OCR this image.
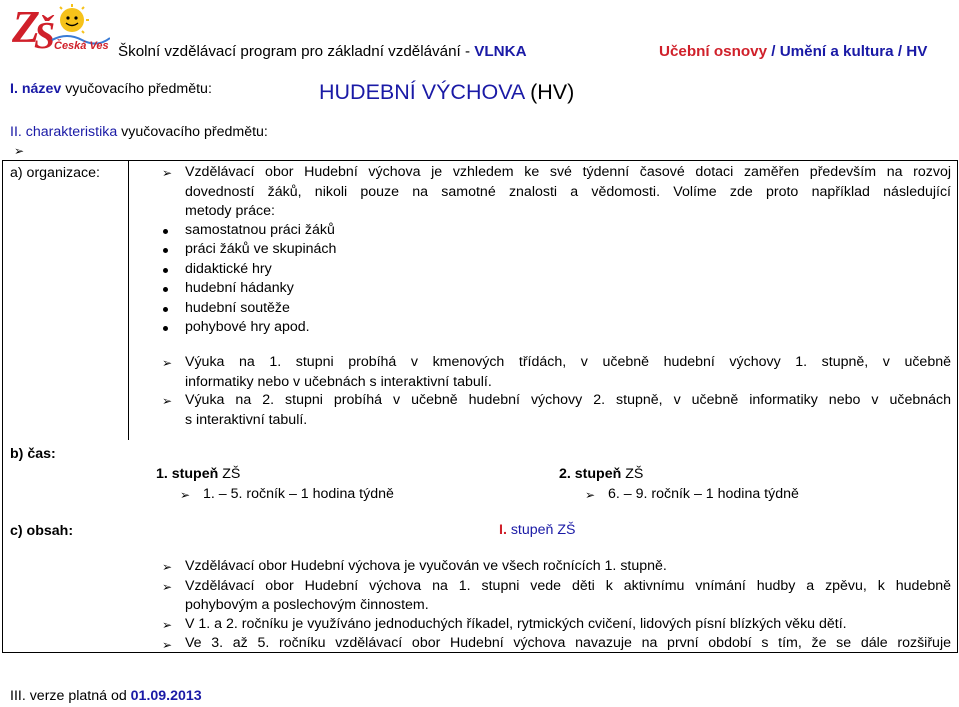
Z
Š
Česká Ves Školní vzdělávací program pro základní vzdělávání - VLNKA	Učební osnovy / Umění a kultura / HV
I. název vyučovacího předmětu:	HUDEBNÍ VÝCHOVA (HV)
II. charakteristika vyučovacího předmětu:
➢
a) organizace:
b) čas:
c) obsah:
➢ Vzdělávací obor Hudební výchova je vzhledem ke své týdenní časové dotaci zaměřen především na rozvoj
dovedností žáků, nikoli pouze na samotné znalosti a vědomosti. Volíme zde proto například následující
metody práce:
samostatnou práci žáků
práci žáků ve skupinách
didaktické hry
hudební hádanky
hudební soutěže
pohybové hry apod.
➢ Výuka na 1. stupni probíhá v kmenových třídách, v učebně hudební výchovy 1. stupně, v učebně
informatiky nebo v učebnách s interaktivní tabulí.
➢ Výuka na 2. stupni probíhá v učebně hudební výchovy 2. stupně, v učebně informatiky nebo v učebnách
s interaktivní tabulí.
1. stupeň ZŠ
➢ 1. – 5. ročník – 1 hodina týdně
2. stupeň ZŠ
➢ 6. – 9. ročník – 1 hodina týdně
I. stupeň ZŠ
➢ Vzdělávací obor Hudební výchova je vyučován ve všech ročnících 1. stupně.
➢ Vzdělávací obor Hudební výchova na 1. stupni vede děti k aktivnímu vnímání hudby a zpěvu, k hudebně
pohybovým a poslechovým činnostem.
➢ V 1. a 2. ročníku je využíváno jednoduchých říkadel, rytmických cvičení, lidových písní blízkých věku dětí.
➢ Ve 3. až 5. ročníku vzdělávací obor Hudební výchova navazuje na první období s tím, že se dále rozšiřuje
III. verze platná od 01.09.2013
